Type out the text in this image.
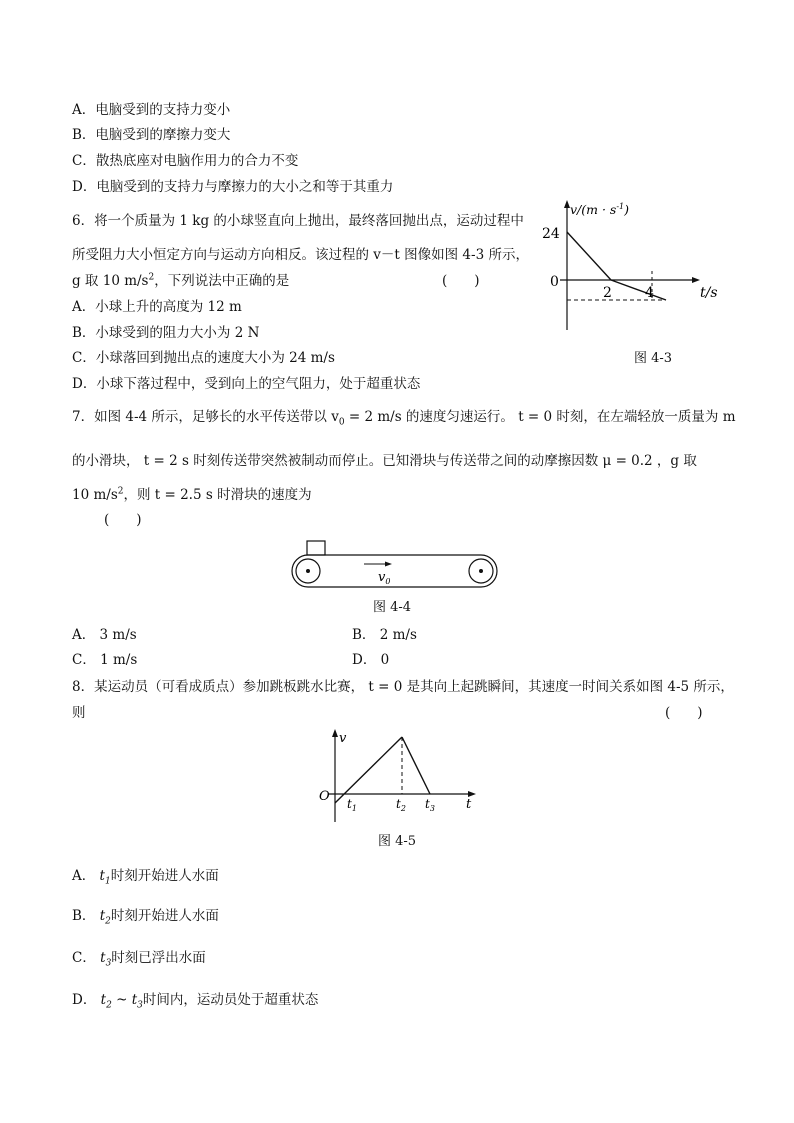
A．电脑受到的支持力变小
B．电脑受到的摩擦力变大
C．散热底座对电脑作用力的合力不变
D．电脑受到的支持力与摩擦力的大小之和等于其重力
6．将一个质量为 1 kg 的小球竖直向上抛出，最终落回抛出点，运动过程中
所受阻力大小恒定方向与运动方向相反。该过程的 v－t 图像如图 4-3 所示，
g 取 10 $m/s^2$，下列说法中正确的是	(　　)
A．小球上升的高度为 12 m
B．小球受到的阻力大小为 2 N
C．小球落回到抛出点的速度大小为 24 m/s
D．小球下落过程中，受到向上的空气阻力，处于超重状态
$v/(m \cdot s^{-1})$
24
0
2 4	t/s
图 4-3
7．如图 4-4 所示，足够长的水平传送带以 $v_0 = 2$ m/s 的速度匀速运行。 t = 0 时刻，在左端轻放一质量为 m
的小滑块， t = 2 s 时刻传送带突然被制动而停止。已知滑块与传送带之间的动摩擦因数 μ = 0.2 ，g 取
10 $m/s^2$，则 t = 2.5 s 时滑块的速度为
(　　)
$v_0$
图 4-4
A． 3 m/s	B． 2 m/s
C． 1 m/s	D． 0
8．某运动员（可看成质点）参加跳板跳水比赛， t = 0 是其向上起跳瞬间，其速度一时间关系如图 4-5 所示，
则	(　　)
v
O $t_1$	$t_2$ $t_3$ t
图 4-5
A． $t_1$时刻开始进人水面
B． $t_2$时刻开始进人水面
C． $t_3$时刻已浮出水面
D． $t_2$ ~ $t_3$时间内，运动员处于超重状态
